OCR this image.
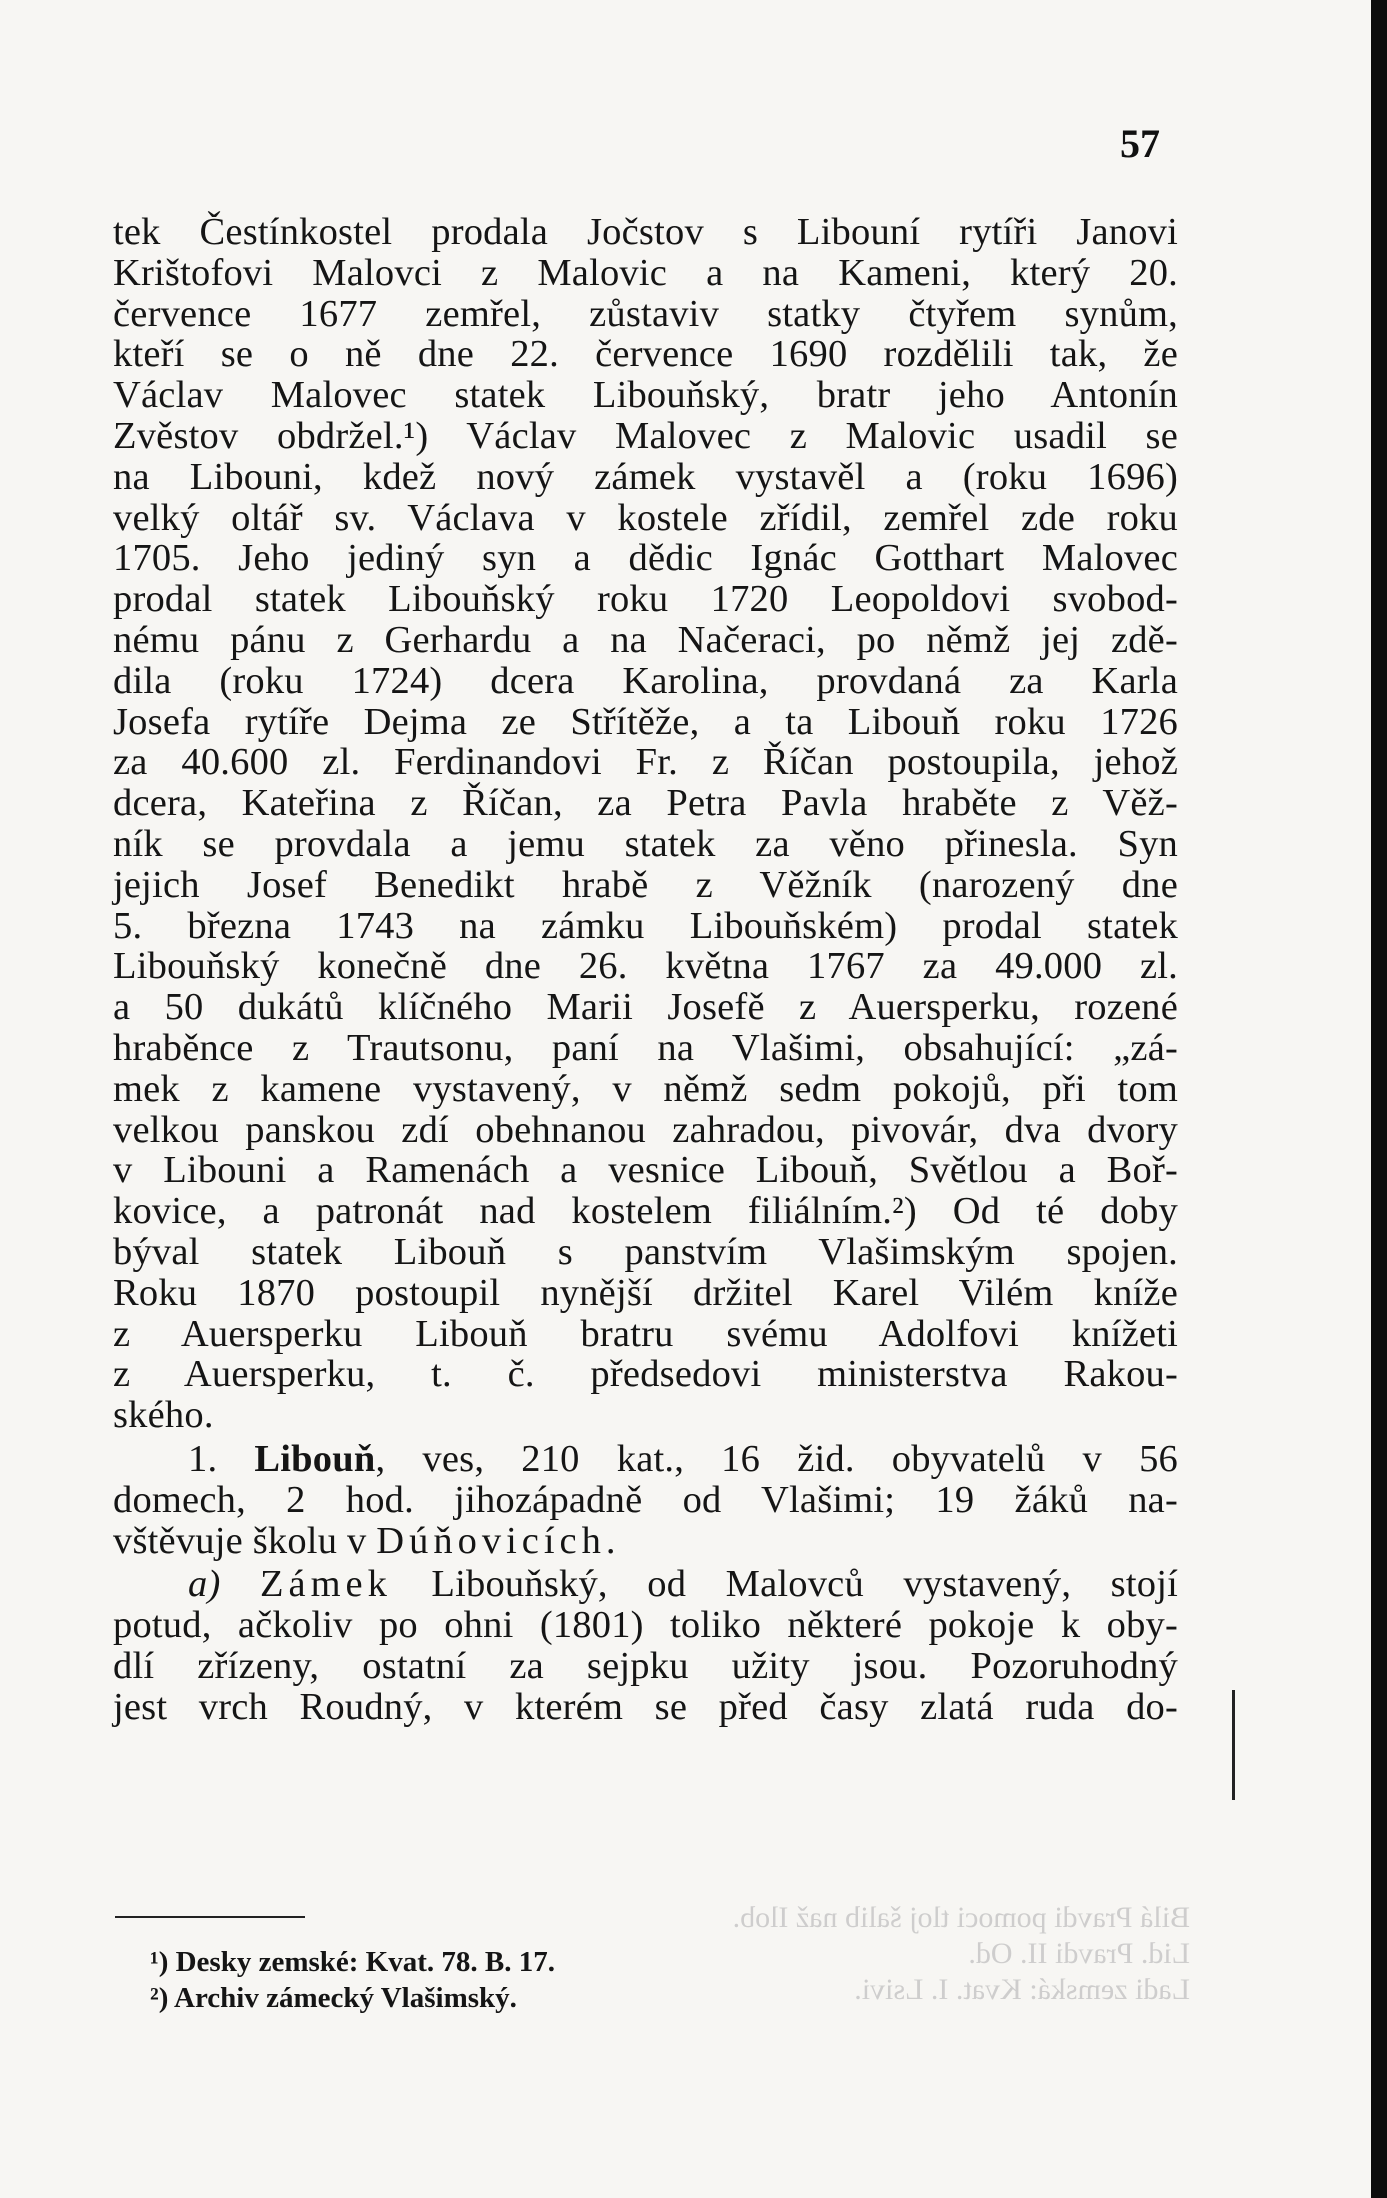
57
tek Čestínkostel prodala Jočstov s Libouní rytíři Janovi
Krištofovi Malovci z Malovic a na Kameni, který 20.
července 1677 zemřel, zůstaviv statky čtyřem synům,
kteří se o ně dne 22. července 1690 rozdělili tak, že
Václav Malovec statek Libouňský, bratr jeho Antonín
Zvěstov obdržel.¹) Václav Malovec z Malovic usadil se
na Libouni, kdež nový zámek vystavěl a (roku 1696)
velký oltář sv. Václava v kostele zřídil, zemřel zde roku
1705. Jeho jediný syn a dědic Ignác Gotthart Malovec
prodal statek Libouňský roku 1720 Leopoldovi svobod-
nému pánu z Gerhardu a na Načeraci, po němž jej zdě-
dila (roku 1724) dcera Karolina, provdaná za Karla
Josefa rytíře Dejma ze Střítěže, a ta Libouň roku 1726
za 40.600 zl. Ferdinandovi Fr. z Říčan postoupila, jehož
dcera, Kateřina z Říčan, za Petra Pavla hraběte z Věž-
ník se provdala a jemu statek za věno přinesla. Syn
jejich Josef Benedikt hrabě z Věžník (narozený dne
5. března 1743 na zámku Libouňském) prodal statek
Libouňský konečně dne 26. května 1767 za 49.000 zl.
a 50 dukátů klíčného Marii Josefě z Auersperku, rozené
hraběnce z Trautsonu, paní na Vlašimi, obsahující: „zá-
mek z kamene vystavený, v němž sedm pokojů, při tom
velkou panskou zdí obehnanou zahradou, pivovár, dva dvory
v Libouni a Ramenách a vesnice Libouň, Světlou a Boř-
kovice, a patronát nad kostelem filiálním.²) Od té doby
býval statek Libouň s panstvím Vlašimským spojen.
Roku 1870 postoupil nynější držitel Karel Vilém kníže
z Auersperku Libouň bratru svému Adolfovi knížeti
z Auersperku, t. č. předsedovi ministerstva Rakou-
ského.
1. Libouň, ves, 210 kat., 16 žid. obyvatelů v 56
domech, 2 hod. jihozápadně od Vlašimi; 19 žáků na-
vštěvuje školu v Dúňovicích.
a) Zámek Libouňský, od Malovců vystavený, stojí
potud, ačkoliv po ohni (1801) toliko některé pokoje k oby-
dlí zřízeny, ostatní za sejpku užity jsou. Pozoruhodný
jest vrch Roudný, v kterém se před časy zlatá ruda do-
Bilá Pravdi pomoci tloj šalib naž Ilob.
Lid. Pravdi II. Od.
Ladi zemská: Kvat. I. Lsivi.
¹) Desky zemské: Kvat. 78. B. 17.
²) Archiv zámecký Vlašimský.
